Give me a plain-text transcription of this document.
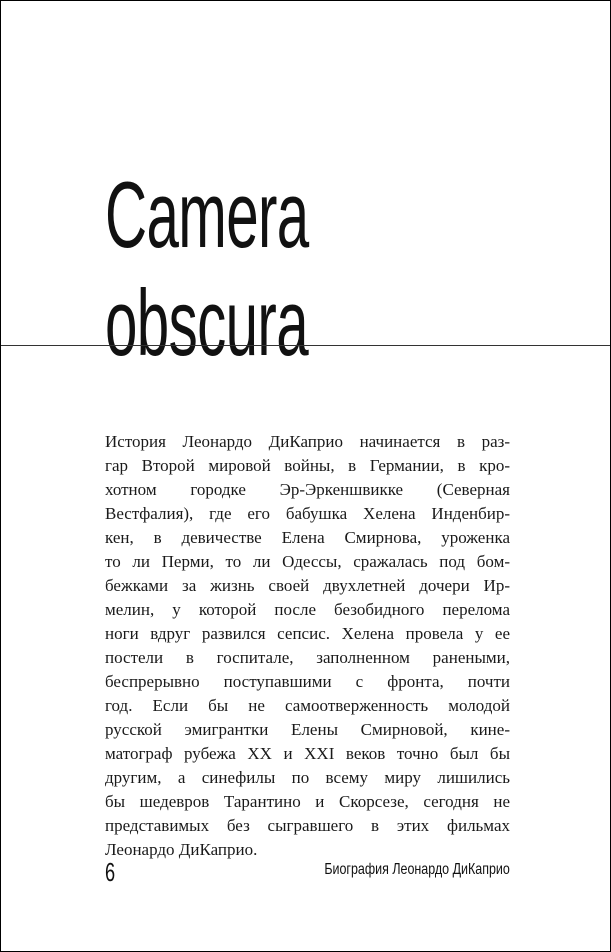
Camera
obscura
История Леонардо ДиКаприо начинается в раз-
гар Второй мировой войны, в Германии, в кро-
хотном городке Эр-Эркеншвикке (Северная
Вестфалия), где его бабушка Хелена Инденбир-
кен, в девичестве Елена Смирнова, уроженка
то ли Перми, то ли Одессы, сражалась под бом-
бежками за жизнь своей двухлетней дочери Ир-
мелин, у которой после безобидного перелома
ноги вдруг развился сепсис. Хелена провела у ее
постели в госпитале, заполненном ранеными,
беспрерывно поступавшими с фронта, почти
год. Если бы не самоотверженность молодой
русской эмигрантки Елены Смирновой, кине-
матограф рубежа XX и XXI веков точно был бы
другим, а синефилы по всему миру лишились
бы шедевров Тарантино и Скорсезе, сегодня не
представимых без сыгравшего в этих фильмах
Леонардо ДиКаприо.
6	Биография Леонардо ДиКаприо
